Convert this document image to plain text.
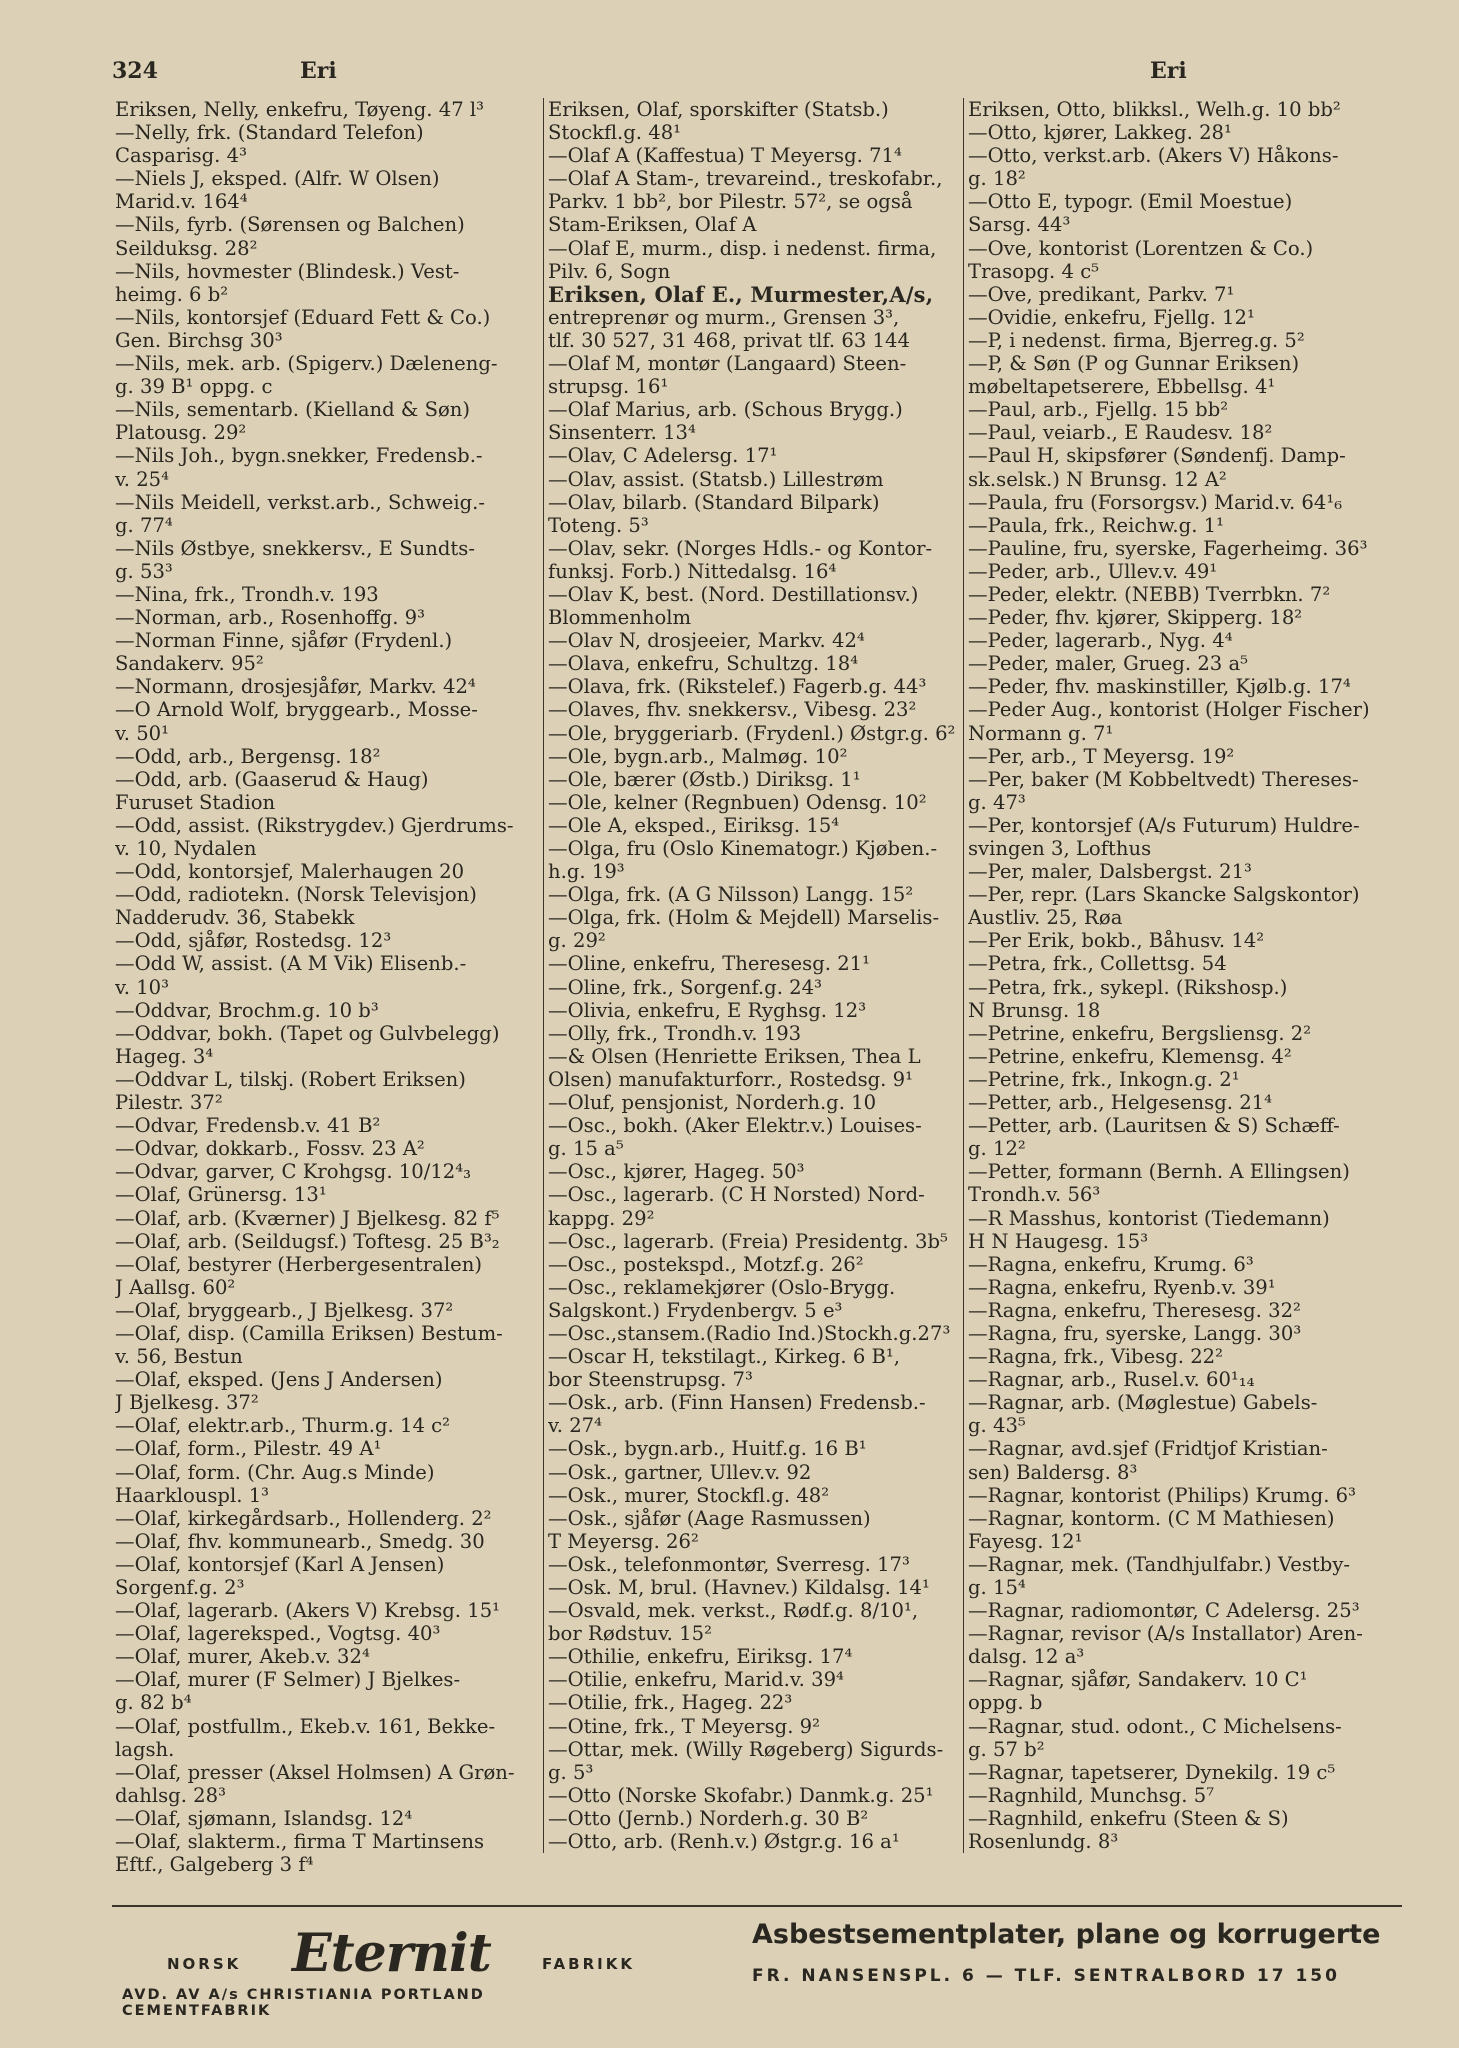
324	Eri	Eri
Eriksen, Nelly, enkefru, Tøyeng. 47 l³
—Nelly, frk. (Standard Telefon)
Casparisg. 4³
—Niels J, eksped. (Alfr. W Olsen)
Marid.v. 164⁴
—Nils, fyrb. (Sørensen og Balchen)
Seilduksg. 28²
—Nils, hovmester (Blindesk.) Vest-
heimg. 6 b²
—Nils, kontorsjef (Eduard Fett & Co.)
Gen. Birchsg 30³
—Nils, mek. arb. (Spigerv.) Dæleneng-
g. 39 B¹ oppg. c
—Nils, sementarb. (Kielland & Søn)
Platousg. 29²
—Nils Joh., bygn.snekker, Fredensb.-
v. 25⁴
—Nils Meidell, verkst.arb., Schweig.-
g. 77⁴
—Nils Østbye, snekkersv., E Sundts-
g. 53³
—Nina, frk., Trondh.v. 193
—Norman, arb., Rosenhoffg. 9³
—Norman Finne, sjåfør (Frydenl.)
Sandakerv. 95²
—Normann, drosjesjåfør, Markv. 42⁴
—O Arnold Wolf, bryggearb., Mosse-
v. 50¹
—Odd, arb., Bergensg. 18²
—Odd, arb. (Gaaserud & Haug)
Furuset Stadion
—Odd, assist. (Rikstrygdev.) Gjerdrums-
v. 10, Nydalen
—Odd, kontorsjef, Malerhaugen 20
—Odd, radiotekn. (Norsk Televisjon)
Nadderudv. 36, Stabekk
—Odd, sjåfør, Rostedsg. 12³
—Odd W, assist. (A M Vik) Elisenb.-
v. 10³
—Oddvar, Brochm.g. 10 b³
—Oddvar, bokh. (Tapet og Gulvbelegg)
Hageg. 3⁴
—Oddvar L, tilskj. (Robert Eriksen)
Pilestr. 37²
—Odvar, Fredensb.v. 41 B²
—Odvar, dokkarb., Fossv. 23 A²
—Odvar, garver, C Krohgsg. 10/12⁴₃
—Olaf, Grünersg. 13¹
—Olaf, arb. (Kværner) J Bjelkesg. 82 f⁵
—Olaf, arb. (Seildugsf.) Toftesg. 25 B³₂
—Olaf, bestyrer (Herbergesentralen)
J Aallsg. 60²
—Olaf, bryggearb., J Bjelkesg. 37²
—Olaf, disp. (Camilla Eriksen) Bestum-
v. 56, Bestun
—Olaf, eksped. (Jens J Andersen)
J Bjelkesg. 37²
—Olaf, elektr.arb., Thurm.g. 14 c²
—Olaf, form., Pilestr. 49 A¹
—Olaf, form. (Chr. Aug.s Minde)
Haarklouspl. 1³
—Olaf, kirkegårdsarb., Hollenderg. 2²
—Olaf, fhv. kommunearb., Smedg. 30
—Olaf, kontorsjef (Karl A Jensen)
Sorgenf.g. 2³
—Olaf, lagerarb. (Akers V) Krebsg. 15¹
—Olaf, lagereksped., Vogtsg. 40³
—Olaf, murer, Akeb.v. 32⁴
—Olaf, murer (F Selmer) J Bjelkes-
g. 82 b⁴
—Olaf, postfullm., Ekeb.v. 161, Bekke-
lagsh.
—Olaf, presser (Aksel Holmsen) A Grøn-
dahlsg. 28³
—Olaf, sjømann, Islandsg. 12⁴
—Olaf, slakterm., firma T Martinsens
Eftf., Galgeberg 3 f⁴
Eriksen, Olaf, sporskifter (Statsb.)
Stockfl.g. 48¹
—Olaf A (Kaffestua) T Meyersg. 71⁴
—Olaf A Stam-, trevareind., treskofabr.,
Parkv. 1 bb², bor Pilestr. 57², se også
Stam-Eriksen, Olaf A
—Olaf E, murm., disp. i nedenst. firma,
Pilv. 6, Sogn
Eriksen, Olaf E., Murmester,A/s,
entreprenør og murm., Grensen 3³,
tlf. 30 527, 31 468, privat tlf. 63 144
—Olaf M, montør (Langaard) Steen-
strupsg. 16¹
—Olaf Marius, arb. (Schous Brygg.)
Sinsenterr. 13⁴
—Olav, C Adelersg. 17¹
—Olav, assist. (Statsb.) Lillestrøm
—Olav, bilarb. (Standard Bilpark)
Toteng. 5³
—Olav, sekr. (Norges Hdls.- og Kontor-
funksj. Forb.) Nittedalsg. 16⁴
—Olav K, best. (Nord. Destillationsv.)
Blommenholm
—Olav N, drosjeeier, Markv. 42⁴
—Olava, enkefru, Schultzg. 18⁴
—Olava, frk. (Rikstelef.) Fagerb.g. 44³
—Olaves, fhv. snekkersv., Vibesg. 23²
—Ole, bryggeriarb. (Frydenl.) Østgr.g. 6²
—Ole, bygn.arb., Malmøg. 10²
—Ole, bærer (Østb.) Diriksg. 1¹
—Ole, kelner (Regnbuen) Odensg. 10²
—Ole A, eksped., Eiriksg. 15⁴
—Olga, fru (Oslo Kinematogr.) Kjøben.-
h.g. 19³
—Olga, frk. (A G Nilsson) Langg. 15²
—Olga, frk. (Holm & Mejdell) Marselis-
g. 29²
—Oline, enkefru, Theresesg. 21¹
—Oline, frk., Sorgenf.g. 24³
—Olivia, enkefru, E Ryghsg. 12³
—Olly, frk., Trondh.v. 193
—& Olsen (Henriette Eriksen, Thea L
Olsen) manufakturforr., Rostedsg. 9¹
—Oluf, pensjonist, Norderh.g. 10
—Osc., bokh. (Aker Elektr.v.) Louises-
g. 15 a⁵
—Osc., kjører, Hageg. 50³
—Osc., lagerarb. (C H Norsted) Nord-
kappg. 29²
—Osc., lagerarb. (Freia) Presidentg. 3b⁵
—Osc., postekspd., Motzf.g. 26²
—Osc., reklamekjører (Oslo-Brygg.
Salgskont.) Frydenbergv. 5 e³
—Osc.,stansem.(Radio Ind.)Stockh.g.27³
—Oscar H, tekstilagt., Kirkeg. 6 B¹,
bor Steenstrupsg. 7³
—Osk., arb. (Finn Hansen) Fredensb.-
v. 27⁴
—Osk., bygn.arb., Huitf.g. 16 B¹
—Osk., gartner, Ullev.v. 92
—Osk., murer, Stockfl.g. 48²
—Osk., sjåfør (Aage Rasmussen)
T Meyersg. 26²
—Osk., telefonmontør, Sverresg. 17³
—Osk. M, brul. (Havnev.) Kildalsg. 14¹
—Osvald, mek. verkst., Rødf.g. 8/10¹,
bor Rødstuv. 15²
—Othilie, enkefru, Eiriksg. 17⁴
—Otilie, enkefru, Marid.v. 39⁴
—Otilie, frk., Hageg. 22³
—Otine, frk., T Meyersg. 9²
—Ottar, mek. (Willy Røgeberg) Sigurds-
g. 5³
—Otto (Norske Skofabr.) Danmk.g. 25¹
—Otto (Jernb.) Norderh.g. 30 B²
—Otto, arb. (Renh.v.) Østgr.g. 16 a¹
Eriksen, Otto, blikksl., Welh.g. 10 bb²
—Otto, kjører, Lakkeg. 28¹
—Otto, verkst.arb. (Akers V) Håkons-
g. 18²
—Otto E, typogr. (Emil Moestue)
Sarsg. 44³
—Ove, kontorist (Lorentzen & Co.)
Trasopg. 4 c⁵
—Ove, predikant, Parkv. 7¹
—Ovidie, enkefru, Fjellg. 12¹
—P, i nedenst. firma, Bjerreg.g. 5²
—P, & Søn (P og Gunnar Eriksen)
møbeltapetserere, Ebbellsg. 4¹
—Paul, arb., Fjellg. 15 bb²
—Paul, veiarb., E Raudesv. 18²
—Paul H, skipsfører (Søndenfj. Damp-
sk.selsk.) N Brunsg. 12 A²
—Paula, fru (Forsorgsv.) Marid.v. 64¹₆
—Paula, frk., Reichw.g. 1¹
—Pauline, fru, syerske, Fagerheimg. 36³
—Peder, arb., Ullev.v. 49¹
—Peder, elektr. (NEBB) Tverrbkn. 7²
—Peder, fhv. kjører, Skipperg. 18²
—Peder, lagerarb., Nyg. 4⁴
—Peder, maler, Grueg. 23 a⁵
—Peder, fhv. maskinstiller, Kjølb.g. 17⁴
—Peder Aug., kontorist (Holger Fischer)
Normann g. 7¹
—Per, arb., T Meyersg. 19²
—Per, baker (M Kobbeltvedt) Thereses-
g. 47³
—Per, kontorsjef (A/s Futurum) Huldre-
svingen 3, Lofthus
—Per, maler, Dalsbergst. 21³
—Per, repr. (Lars Skancke Salgskontor)
Austliv. 25, Røa
—Per Erik, bokb., Båhusv. 14²
—Petra, frk., Collettsg. 54
—Petra, frk., sykepl. (Rikshosp.)
N Brunsg. 18
—Petrine, enkefru, Bergsliensg. 2²
—Petrine, enkefru, Klemensg. 4²
—Petrine, frk., Inkogn.g. 2¹
—Petter, arb., Helgesensg. 21⁴
—Petter, arb. (Lauritsen & S) Schæff-
g. 12²
—Petter, formann (Bernh. A Ellingsen)
Trondh.v. 56³
—R Masshus, kontorist (Tiedemann)
H N Haugesg. 15³
—Ragna, enkefru, Krumg. 6³
—Ragna, enkefru, Ryenb.v. 39¹
—Ragna, enkefru, Theresesg. 32²
—Ragna, fru, syerske, Langg. 30³
—Ragna, frk., Vibesg. 22²
—Ragnar, arb., Rusel.v. 60¹₁₄
—Ragnar, arb. (Møglestue) Gabels-
g. 43⁵
—Ragnar, avd.sjef (Fridtjof Kristian-
sen) Baldersg. 8³
—Ragnar, kontorist (Philips) Krumg. 6³
—Ragnar, kontorm. (C M Mathiesen)
Fayesg. 12¹
—Ragnar, mek. (Tandhjulfabr.) Vestby-
g. 15⁴
—Ragnar, radiomontør, C Adelersg. 25³
—Ragnar, revisor (A/s Installator) Aren-
dalsg. 12 a³
—Ragnar, sjåfør, Sandakerv. 10 C¹
oppg. b
—Ragnar, stud. odont., C Michelsens-
g. 57 b²
—Ragnar, tapetserer, Dynekilg. 19 c⁵
—Ragnhild, Munchsg. 5⁷
—Ragnhild, enkefru (Steen & S)
Rosenlundg. 8³
NORSK Eternit	FABRIKK
AVD. AV A/s CHRISTIANIA PORTLAND CEMENTFABRIK
Asbestsementplater, plane og korrugerte
FR. NANSENSPL. 6 — TLF. SENTRALBORD 17 150
